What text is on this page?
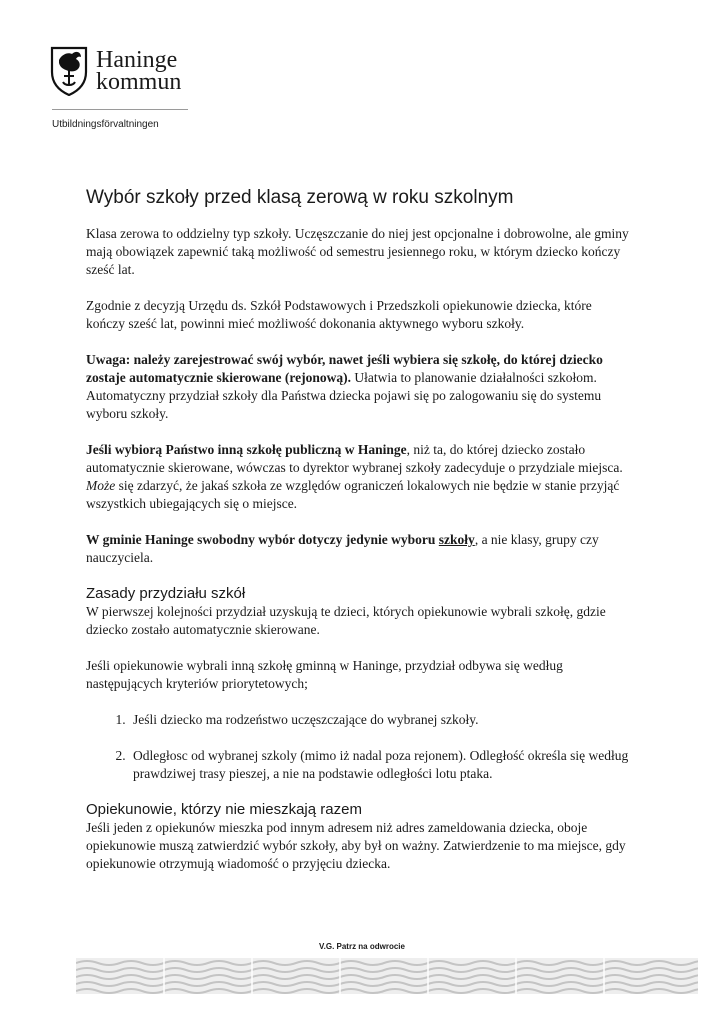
Haninge
kommun
Utbildningsförvaltningen
Wybór szkoły przed klasą zerową w roku szkolnym

Klasa zerowa to oddzielny typ szkoły. Uczęszczanie do niej jest opcjonalne i dobrowolne, ale gminy mają obowiązek zapewnić taką możliwość od semestru jesiennego roku, w którym dziecko kończy sześć lat.

Zgodnie z decyzją Urzędu ds. Szkół Podstawowych i Przedszkoli opiekunowie dziecka, które kończy sześć lat, powinni mieć możliwość dokonania aktywnego wyboru szkoły.

Uwaga: należy zarejestrować swój wybór, nawet jeśli wybiera się szkołę, do której dziecko zostaje automatycznie skierowane (rejonową). Ułatwia to planowanie działalności szkołom. Automatyczny przydział szkoły dla Państwa dziecka pojawi się po zalogowaniu się do systemu wyboru szkoły.

Jeśli wybiorą Państwo inną szkołę publiczną w Haninge, niż ta, do której dziecko zostało automatycznie skierowane, wówczas to dyrektor wybranej szkoły zadecyduje o przydziale miejsca. Może się zdarzyć, że jakaś szkoła ze względów ograniczeń lokalowych nie będzie w stanie przyjąć wszystkich ubiegających się o miejsce.

W gminie Haninge swobodny wybór dotyczy jedynie wyboru szkoły, a nie klasy, grupy czy nauczyciela.

Zasady przydziału szkół

W pierwszej kolejności przydział uzyskują te dzieci, których opiekunowie wybrali szkołę, gdzie dziecko zostało automatycznie skierowane.

Jeśli opiekunowie wybrali inną szkołę gminną w Haninge, przydział odbywa się według następujących kryteriów priorytetowych;

1. Jeśli dziecko ma rodzeństwo uczęszczające do wybranej szkoły.
2. Odległosc od wybranej szkoly (mimo iż nadal poza rejonem). Odległość określa się według prawdziwej trasy pieszej, a nie na podstawie odległości lotu ptaka.
Opiekunowie, którzy nie mieszkają razem

Jeśli jeden z opiekunów mieszka pod innym adresem niż adres zameldowania dziecka, oboje opiekunowie muszą zatwierdzić wybór szkoły, aby był on ważny. Zatwierdzenie to ma miejsce, gdy opiekunowie otrzymują wiadomość o przyjęciu dziecka.

V.G. Patrz na odwrocie
